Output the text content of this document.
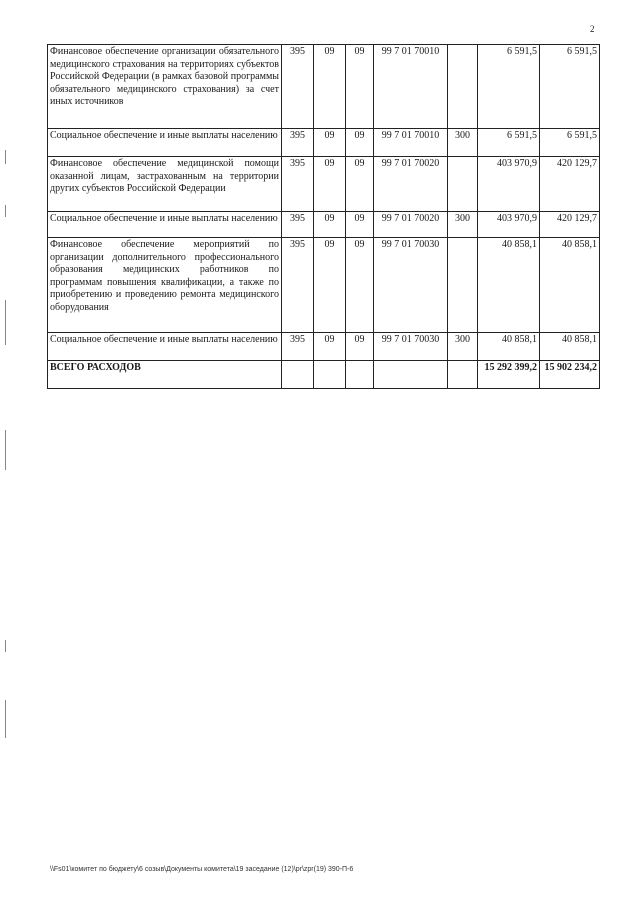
2
Финансовое обеспечение организации обязательного медицинского страхования на территориях субъектов Российской Федерации (в рамках базовой программы обязательного медицинского страхования) за счет иных источников	395	09	09	99 7 01 70010		6 591,5	6 591,5
Социальное обеспечение и иные выплаты населению	395	09	09	99 7 01 70010	300	6 591,5	6 591,5
Финансовое обеспечение медицинской помощи оказанной лицам, застрахованным на территории других субъектов Российской Федерации	395	09	09	99 7 01 70020		403 970,9	420 129,7
Социальное обеспечение и иные выплаты населению	395	09	09	99 7 01 70020	300	403 970,9	420 129,7
Финансовое обеспечение мероприятий по организации дополнительного профессионального образования медицинских работников по программам повышения квалификации, а также по приобретению и проведению ремонта медицинского оборудования	395	09	09	99 7 01 70030		40 858,1	40 858,1
Социальное обеспечение и иные выплаты населению	395	09	09	99 7 01 70030	300	40 858,1	40 858,1
ВСЕГО РАСХОДОВ						15 292 399,2	15 902 234,2
\\Fs01\комитет по бюджету\6 созыв\Документы комитета\19 заседание (12)\pr\zpr(19) 390-П-6
